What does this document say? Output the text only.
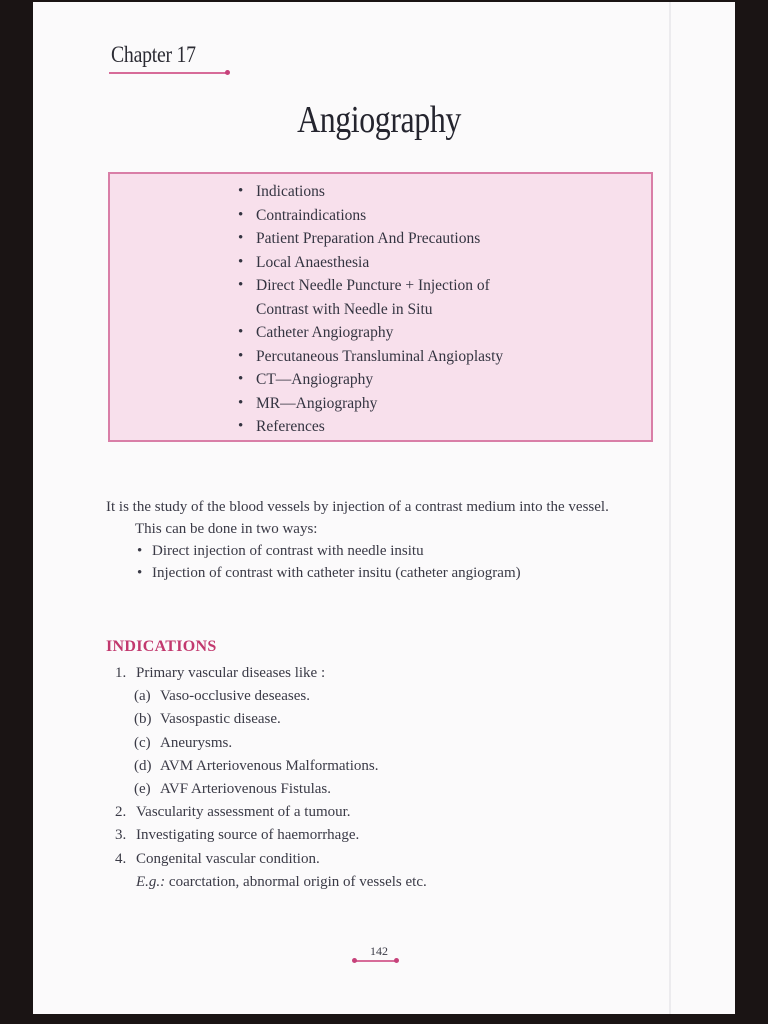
Chapter 17
Angiography
• Indications
• Contraindications
• Patient Preparation And Precautions
• Local Anaesthesia
• Direct Needle Puncture + Injection of
Contrast with Needle in Situ
• Catheter Angiography
• Percutaneous Transluminal Angioplasty
• CT—Angiography
• MR—Angiography
• References

It is the study of the blood vessels by injection of a contrast medium into the vessel.

This can be done in two ways:

• Direct injection of contrast with needle insitu
• Injection of contrast with catheter insitu (catheter angiogram)
INDICATIONS
1. Primary vascular diseases like :
(a) Vaso-occlusive deseases.
(b) Vasospastic disease.
(c) Aneurysms.
(d) AVM Arteriovenous Malformations.
(e) AVF Arteriovenous Fistulas.
2. Vascularity assessment of a tumour.
3. Investigating source of haemorrhage.
4. Congenital vascular condition.
E.g.: coarctation, abnormal origin of vessels etc.
142
